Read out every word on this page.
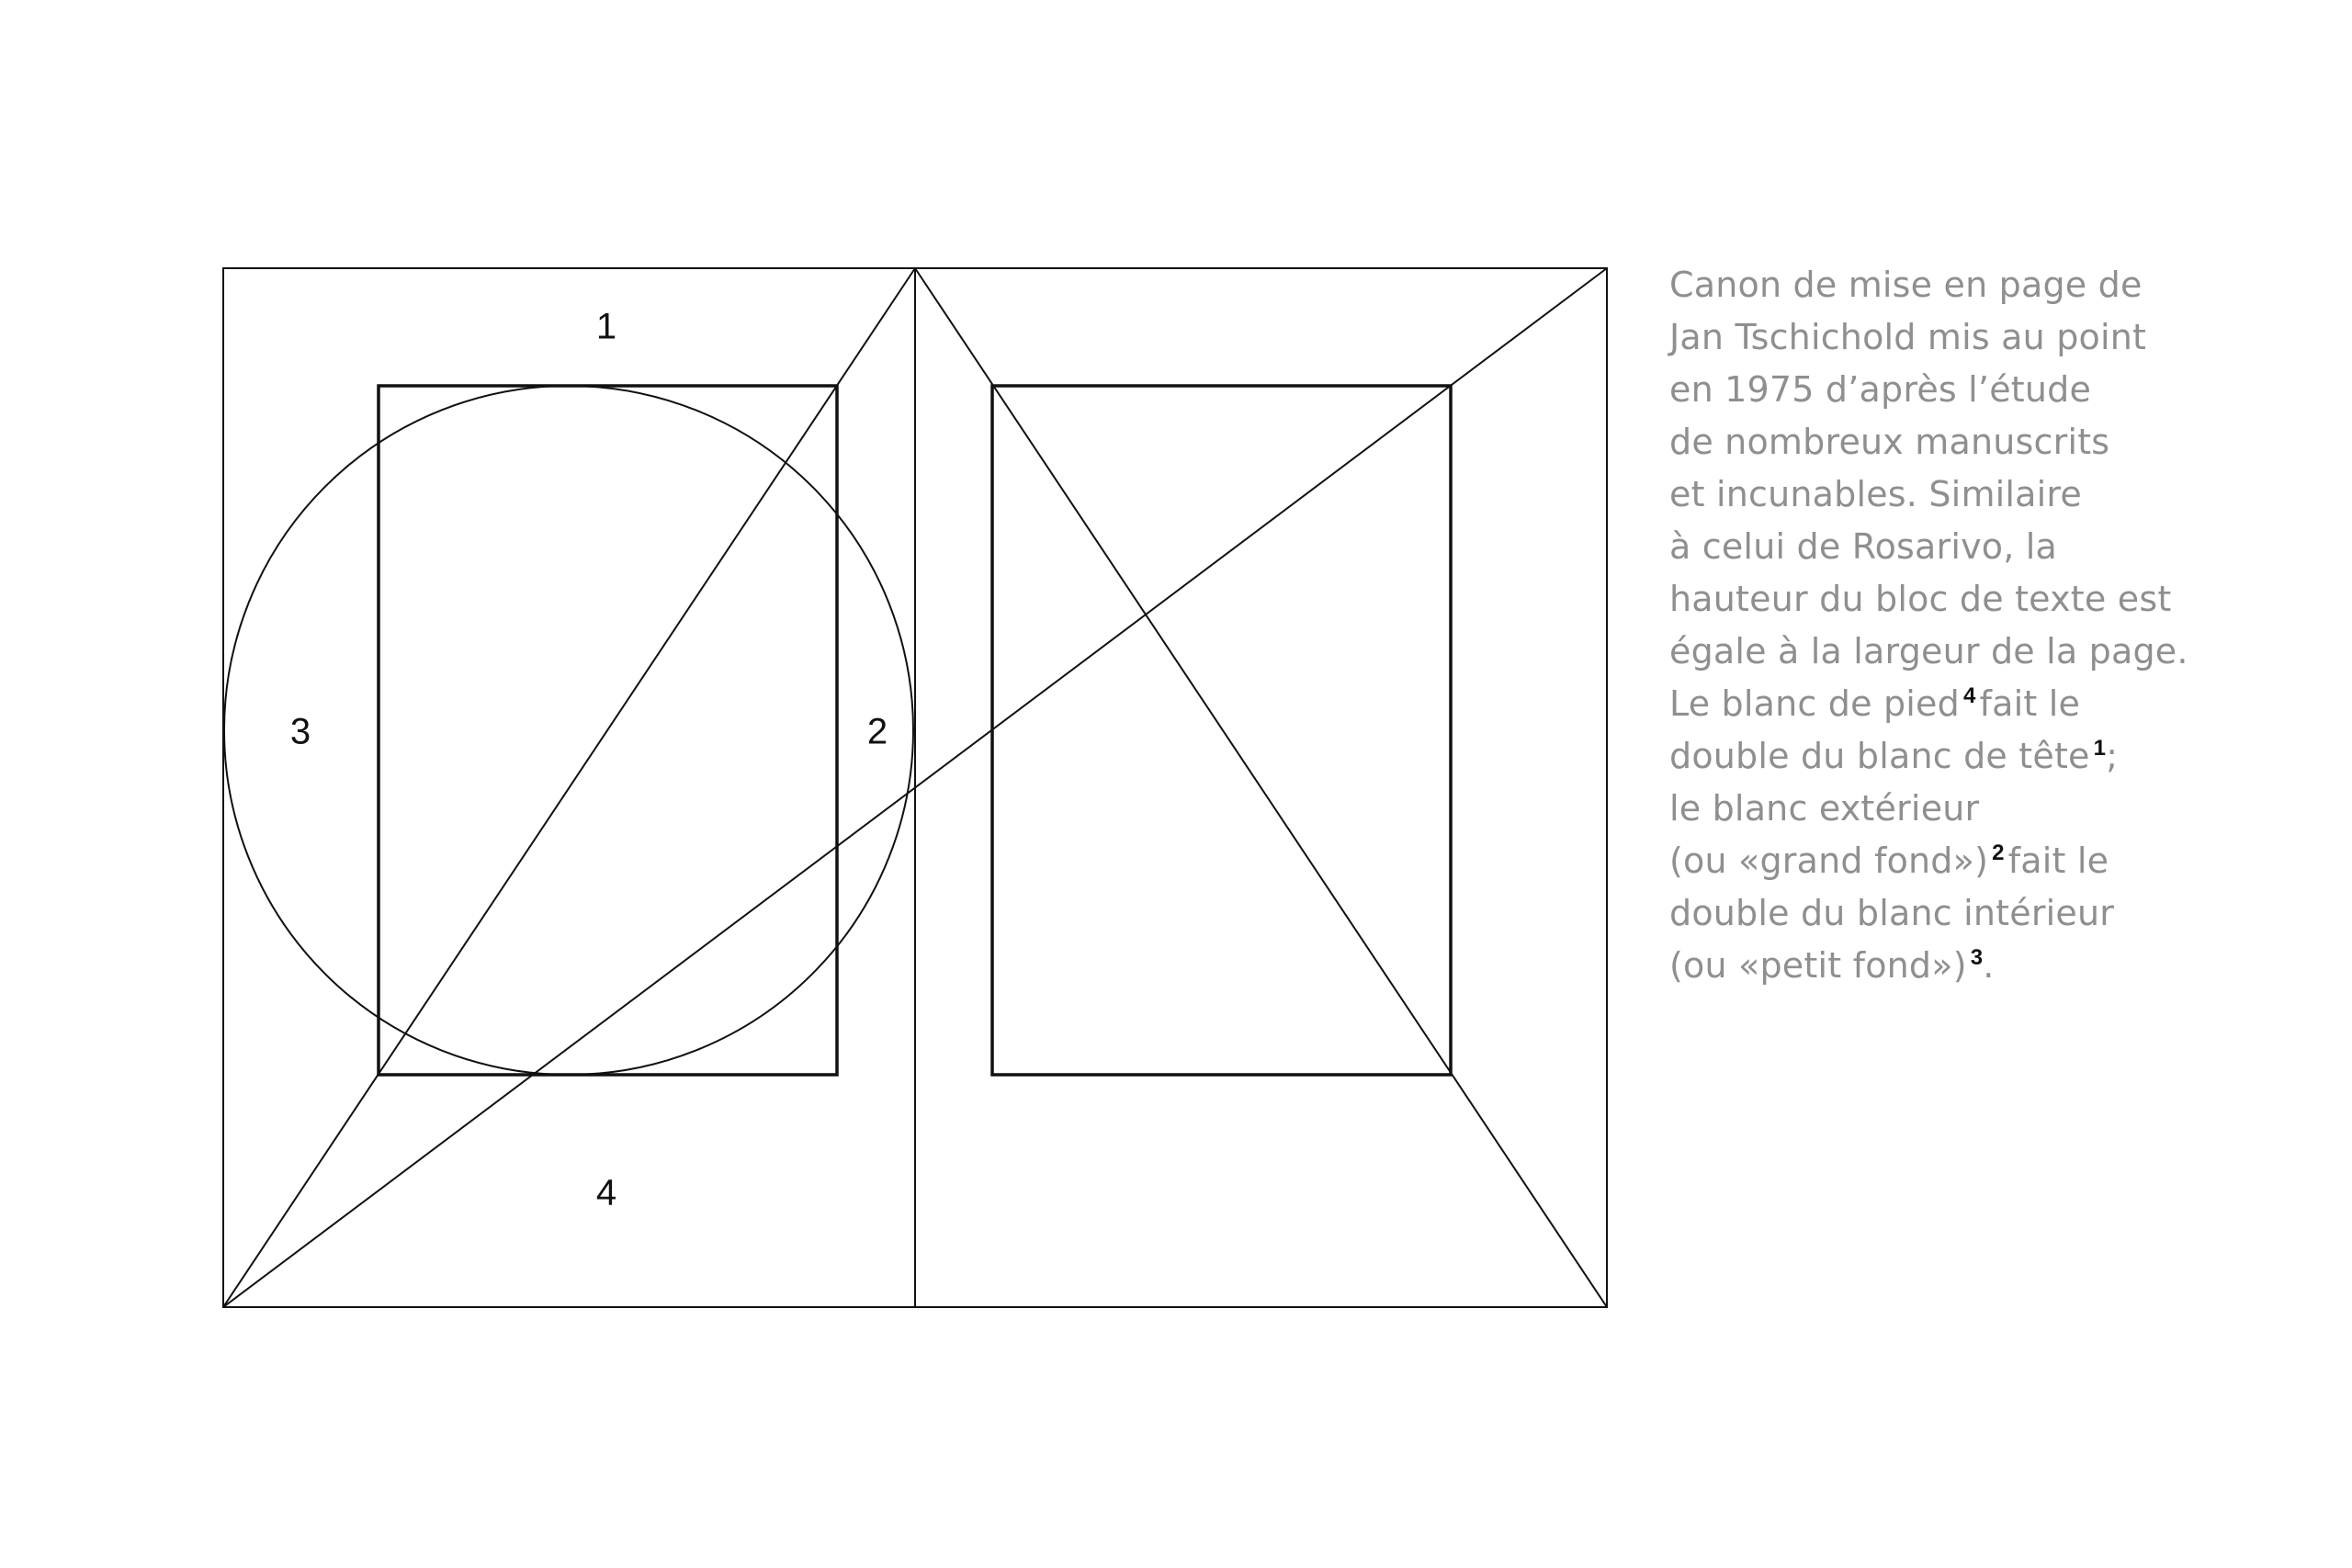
1
2
3
4
Canon de mise en page de
Jan Tschichold mis au point
en 1975 d’après l’étude
de nombreux manuscrits
et incunables. Similaire
à celui de Rosarivo, la
hauteur du bloc de texte est
égale à la largeur de la page.
Le blanc de pied $^4$ fait le
double du blanc de tête $^1$;
le blanc extérieur
(ou «grand fond») $^2$ fait le
double du blanc intérieur
(ou «petit fond») $^3$.
